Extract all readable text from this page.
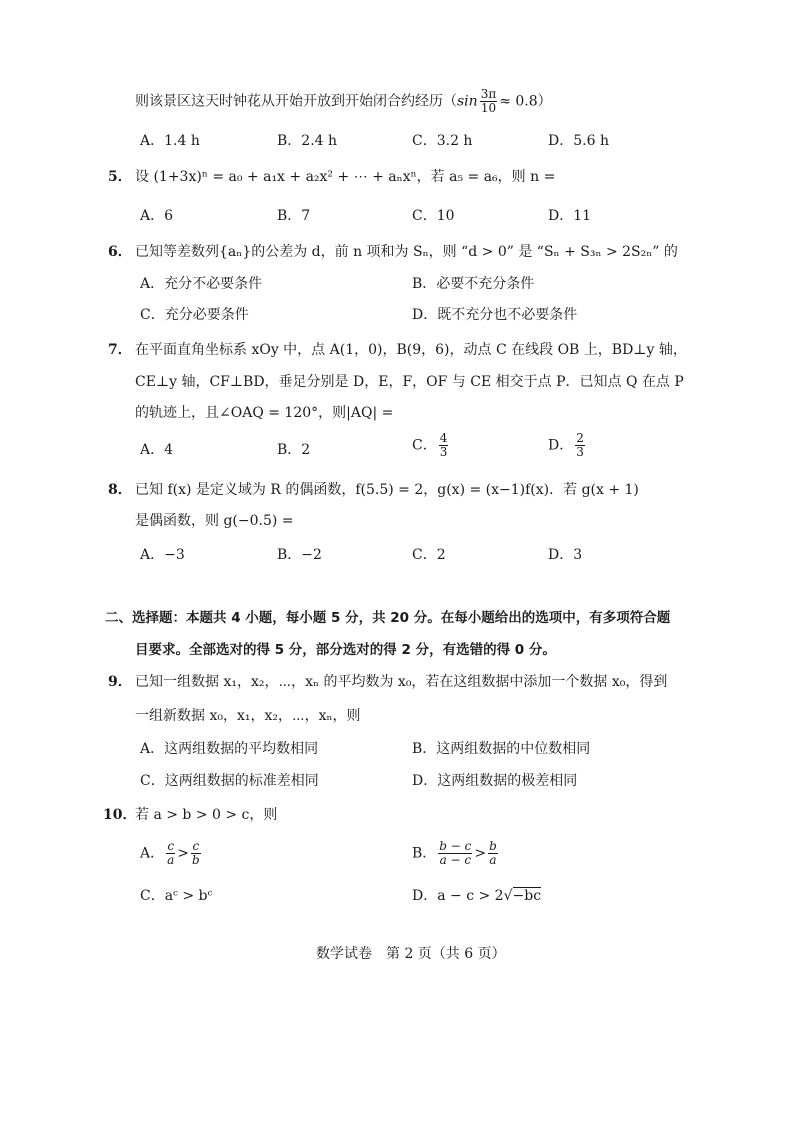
则该景区这天时钟花从开始开放到开始闭合约经历$(\sin \frac{3\pi}{10} \approx 0.8)$
A．1.4 h	B．2.4 h	C．3.2 h	D．5.6 h
5． 设 (1+3x)ⁿ = a₀ + a₁x + a₂x² + ⋯ + aₙxⁿ，若 a₅ = a₆，则 n =
A．6	B．7	C．10	D．11
6． 已知等差数列{aₙ}的公差为 d，前 n 项和为 Sₙ，则 “d > 0” 是 “Sₙ + S₃ₙ > 2S₂ₙ” 的
A．充分不必要条件	B．必要不充分条件
C．充分必要条件	D．既不充分也不必要条件
7． 在平面直角坐标系 xOy 中，点 A(1，0)，B(9，6)，动点 C 在线段 OB 上，BD⊥y 轴，
CE⊥y 轴，CF⊥BD，垂足分别是 D，E，F，OF 与 CE 相交于点 P．已知点 Q 在点 P
的轨迹上，且∠OAQ = 120°，则|AQ| =
A．4	B．2	C． $\frac{4}{3}$	D． $\frac{2}{3}$
8． 已知 f(x) 是定义域为 R 的偶函数，f(5.5) = 2，g(x) = (x−1)f(x)．若 g(x + 1)
是偶函数，则 g(−0.5) =
A．−3	B．−2	C．2	D．3
二、选择题：本题共 4 小题，每小题 5 分，共 20 分。在每小题给出的选项中，有多项符合题
目要求。全部选对的得 5 分，部分选对的得 2 分，有选错的得 0 分。
9． 已知一组数据 x₁，x₂，⋯，xₙ 的平均数为 x₀，若在这组数据中添加一个数据 x₀，得到
一组新数据 x₀，x₁，x₂，⋯，xₙ，则
A．这两组数据的平均数相同	B．这两组数据的中位数相同
C．这两组数据的标准差相同	D．这两组数据的极差相同
10．
若 a > b > 0 > c，则
A． $\frac{c}{a} > \frac{c}{b}$	B． $\frac{b - c}{a - c} > \frac{b}{a}$
C．aᶜ > bᶜ	D．a − c > 2√−bc
数学试卷　第 2 页（共 6 页）
